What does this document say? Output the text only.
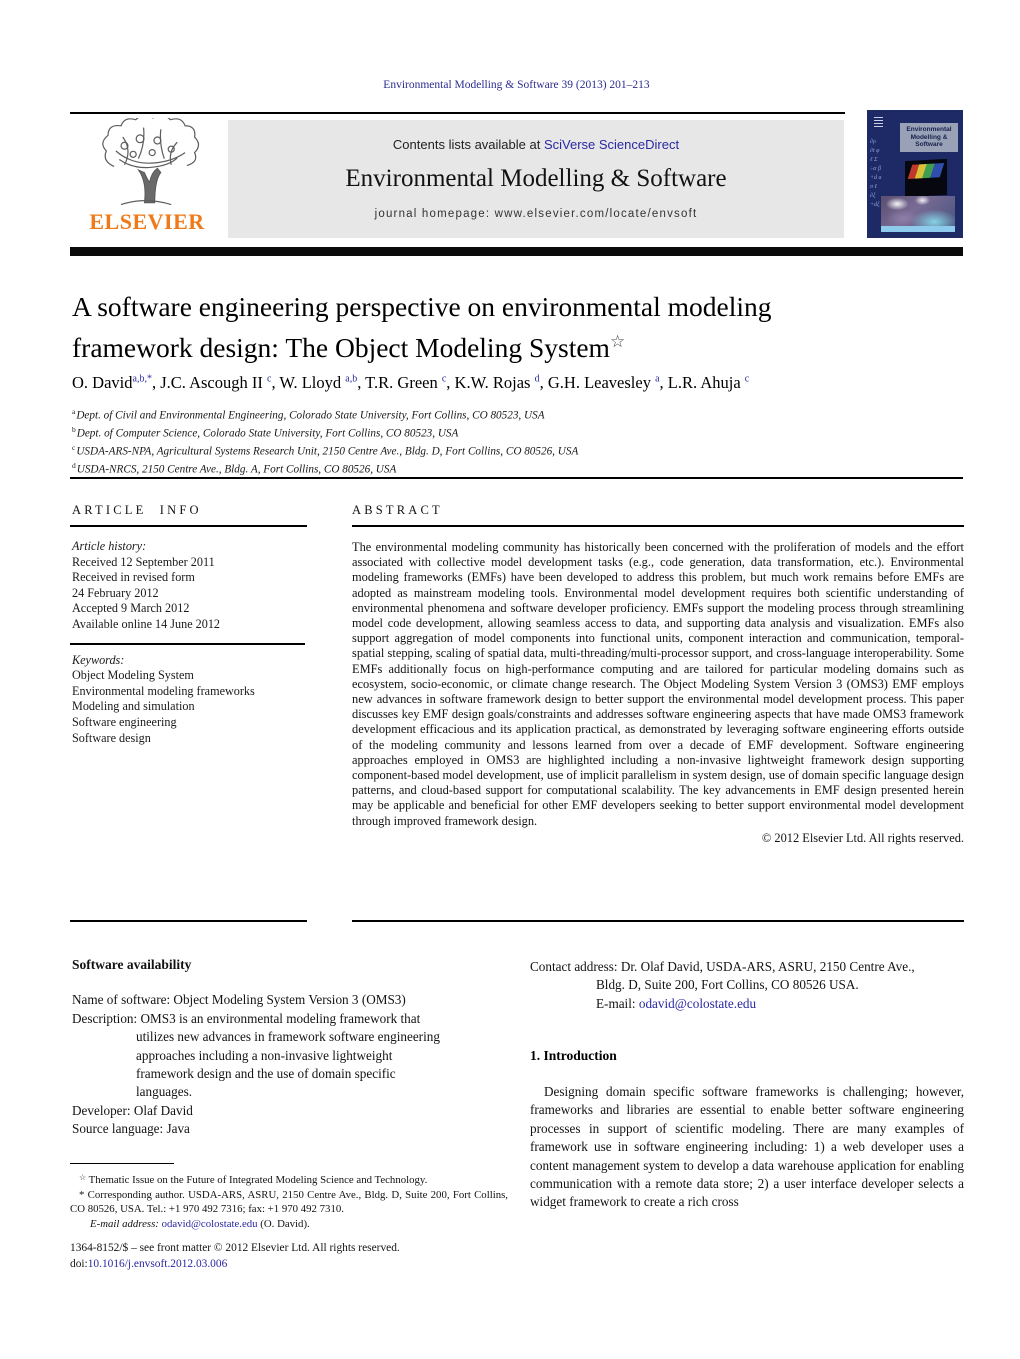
Environmental Modelling & Software 39 (2013) 201–213
ELSEVIER
Contents lists available at SciVerse ScienceDirect
Environmental Modelling & Software
journal homepage: www.elsevier.com/locate/envsoft
Environmental Modelling & Software
∂ρ
∂t φ
ℓ Σ
÷α β
+d a
π ℓ
∂ξ
+dξ
A software engineering perspective on environmental modeling
framework design: The Object Modeling System☆
O. David$^{a,b,*}$, J.C. Ascough II $^c$, W. Lloyd $^{a,b}$, T.R. Green $^c$, K.W. Rojas $^d$, G.H. Leavesley $^a$, L.R. Ahuja $^c$
$^a$Dept. of Civil and Environmental Engineering, Colorado State University, Fort Collins, CO 80523, USA
$^b$Dept. of Computer Science, Colorado State University, Fort Collins, CO 80523, USA
$^c$USDA-ARS-NPA, Agricultural Systems Research Unit, 2150 Centre Ave., Bldg. D, Fort Collins, CO 80526, USA
$^d$USDA-NRCS, 2150 Centre Ave., Bldg. A, Fort Collins, CO 80526, USA
ARTICLE INFO	ABSTRACT
Article history:
Received 12 September 2011
Received in revised form
24 February 2012
Accepted 9 March 2012
Available online 14 June 2012
Keywords:
Object Modeling System
Environmental modeling frameworks
Modeling and simulation
Software engineering
Software design
The environmental modeling community has historically been concerned with the proliferation of models and the effort associated with collective model development tasks (e.g., code generation, data transformation, etc.). Environmental modeling frameworks (EMFs) have been developed to address this problem, but much work remains before EMFs are adopted as mainstream modeling tools. Environmental model development requires both scientific understanding of environmental phenomena and software developer proficiency. EMFs support the modeling process through streamlining model code development, allowing seamless access to data, and supporting data analysis and visualization. EMFs also support aggregation of model components into functional units, component interaction and communication, temporal-spatial stepping, scaling of spatial data, multi-threading/multi-processor support, and cross-language interoperability. Some EMFs additionally focus on high-performance computing and are tailored for particular modeling domains such as ecosystem, socio-economic, or climate change research. The Object Modeling System Version 3 (OMS3) EMF employs new advances in software framework design to better support the environmental model development process. This paper discusses key EMF design goals/constraints and addresses software engineering aspects that have made OMS3 framework development efficacious and its application practical, as demonstrated by leveraging software engineering efforts outside of the modeling community and lessons learned from over a decade of EMF development. Software engineering approaches employed in OMS3 are highlighted including a non-invasive lightweight framework design supporting component-based model development, use of implicit parallelism in system design, use of domain specific language design patterns, and cloud-based support for computational scalability. The key advancements in EMF design presented herein may be applicable and beneficial for other EMF developers seeking to better support environmental model development through improved framework design.
© 2012 Elsevier Ltd. All rights reserved.
Software availability
Name of software: Object Modeling System Version 3 (OMS3)
Description: OMS3 is an environmental modeling framework that
utilizes new advances in framework software engineering
approaches including a non-invasive lightweight
framework design and the use of domain specific
languages.
Developer: Olaf David
Source language: Java
Contact address: Dr. Olaf David, USDA-ARS, ASRU, 2150 Centre Ave.,
Bldg. D, Suite 200, Fort Collins, CO 80526 USA.
E-mail: odavid@colostate.edu
1. Introduction
Designing domain specific software frameworks is challenging; however, frameworks and libraries are essential to enable better software engineering processes in support of scientific modeling. There are many examples of framework use in software engineering including: 1) a web developer uses a content management system to develop a data warehouse application for enabling communication with a remote data store; 2) a user interface developer selects a widget framework to create a rich cross
☆ Thematic Issue on the Future of Integrated Modeling Science and Technology.
* Corresponding author. USDA-ARS, ASRU, 2150 Centre Ave., Bldg. D, Suite 200, Fort Collins, CO 80526, USA. Tel.: +1 970 492 7316; fax: +1 970 492 7310.
E-mail address: odavid@colostate.edu (O. David).
1364-8152/$ – see front matter © 2012 Elsevier Ltd. All rights reserved.
doi:10.1016/j.envsoft.2012.03.006
